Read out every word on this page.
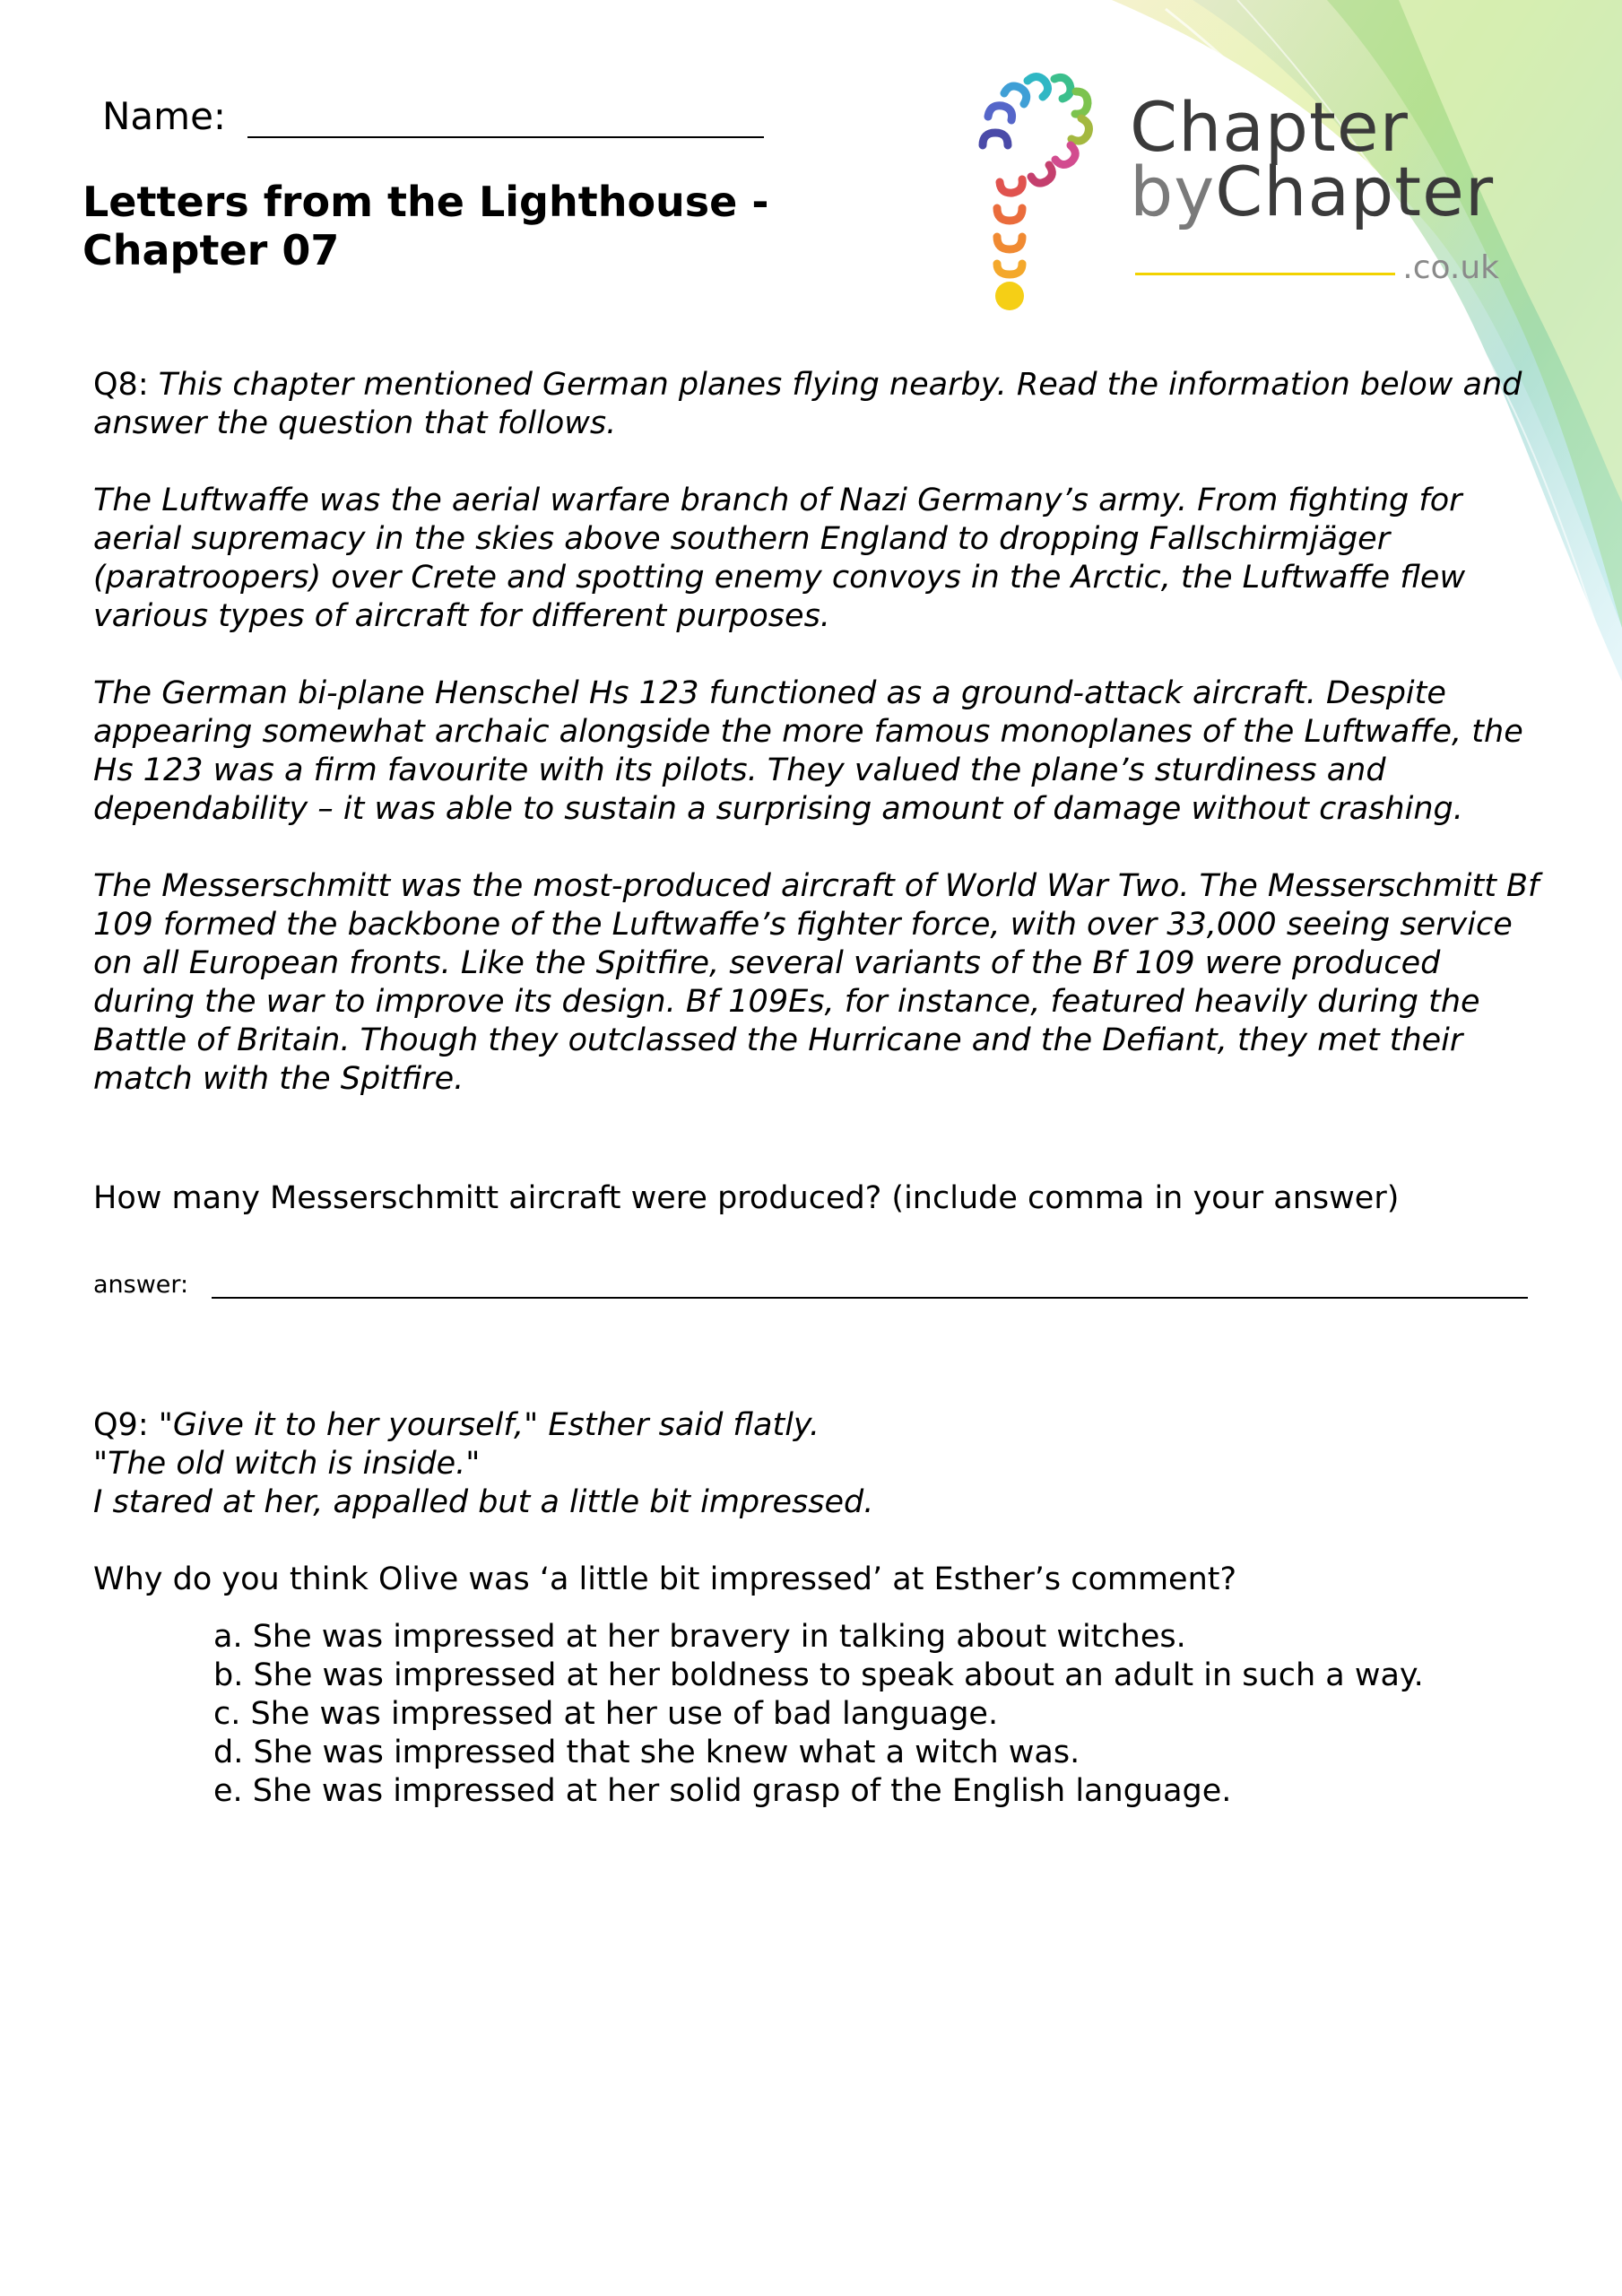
Name:
Letters from the Lighthouse - Chapter 07
Chapter
byChapter
.co.uk
Q8: This chapter mentioned German planes flying nearby. Read the information below and answer the question that follows.
The Luftwaffe was the aerial warfare branch of Nazi Germany’s army. From fighting for aerial supremacy in the skies above southern England to dropping Fallschirmjäger (paratroopers) over Crete and spotting enemy convoys in the Arctic, the Luftwaffe flew various types of aircraft for different purposes.
The German bi-plane Henschel Hs 123 functioned as a ground-attack aircraft. Despite appearing somewhat archaic alongside the more famous monoplanes of the Luftwaffe, the Hs 123 was a firm favourite with its pilots. They valued the plane’s sturdiness and dependability – it was able to sustain a surprising amount of damage without crashing.
The Messerschmitt was the most-produced aircraft of World War Two. The Messerschmitt Bf 109 formed the backbone of the Luftwaffe’s fighter force, with over 33,000 seeing service on all European fronts. Like the Spitfire, several variants of the Bf 109 were produced during the war to improve its design. Bf 109Es, for instance, featured heavily during the Battle of Britain. Though they outclassed the Hurricane and the Defiant, they met their match with the Spitfire.
How many Messerschmitt aircraft were produced? (include comma in your answer)
answer:
Q9: "Give it to her yourself," Esther said flatly.
"The old witch is inside."
I stared at her, appalled but a little bit impressed.
Why do you think Olive was ‘a little bit impressed’ at Esther’s comment?
a. She was impressed at her bravery in talking about witches.
b. She was impressed at her boldness to speak about an adult in such a way.
c. She was impressed at her use of bad language.
d. She was impressed that she knew what a witch was.
e. She was impressed at her solid grasp of the English language.
